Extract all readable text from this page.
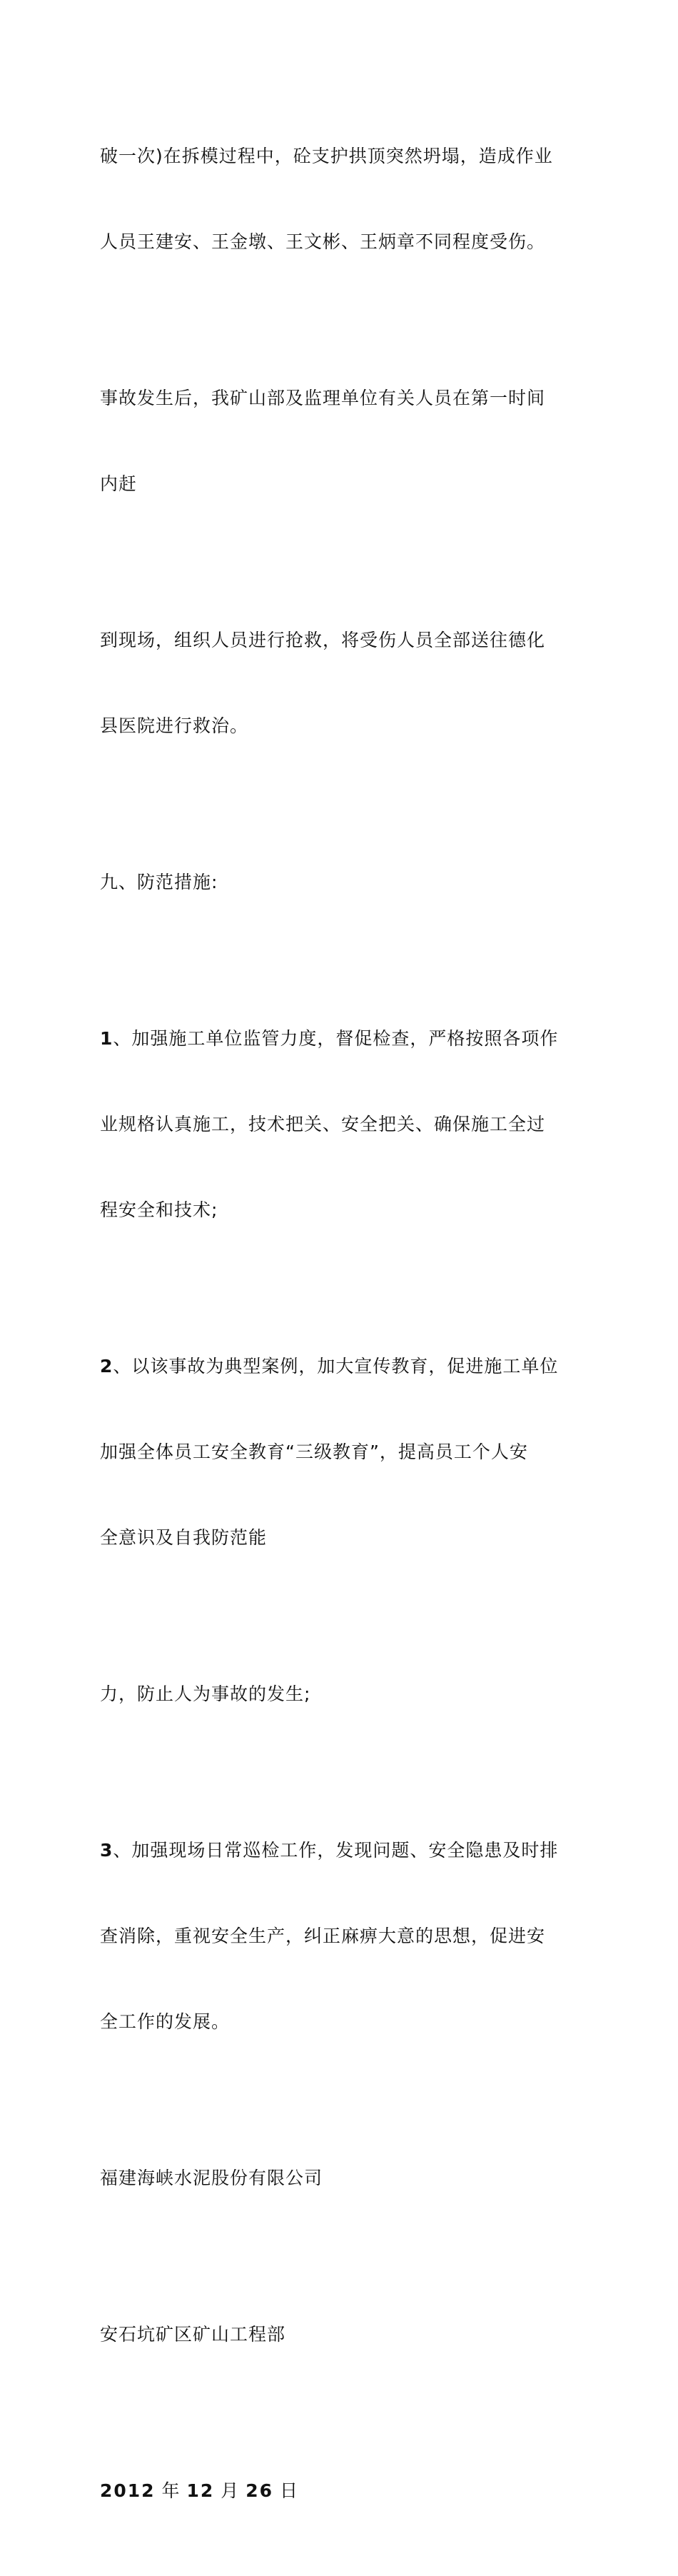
破一次)在拆模过程中，砼支护拱顶突然坍塌，造成作业

人员王建安、王金墩、王文彬、王炳章不同程度受伤。

事故发生后，我矿山部及监理单位有关人员在第一时间

内赶

到现场，组织人员进行抢救，将受伤人员全部送往德化

县医院进行救治。

九、防范措施:

1、加强施工单位监管力度，督促检查，严格按照各项作

业规格认真施工，技术把关、安全把关、确保施工全过

程安全和技术;

2、以该事故为典型案例，加大宣传教育，促进施工单位

加强全体员工安全教育“三级教育”，提高员工个人安

全意识及自我防范能

力，防止人为事故的发生;

3、加强现场日常巡检工作，发现问题、安全隐患及时排

查消除，重视安全生产，纠正麻痹大意的思想，促进安

全工作的发展。

福建海峡水泥股份有限公司

安石坑矿区矿山工程部

2012 年 12 月 26 日
